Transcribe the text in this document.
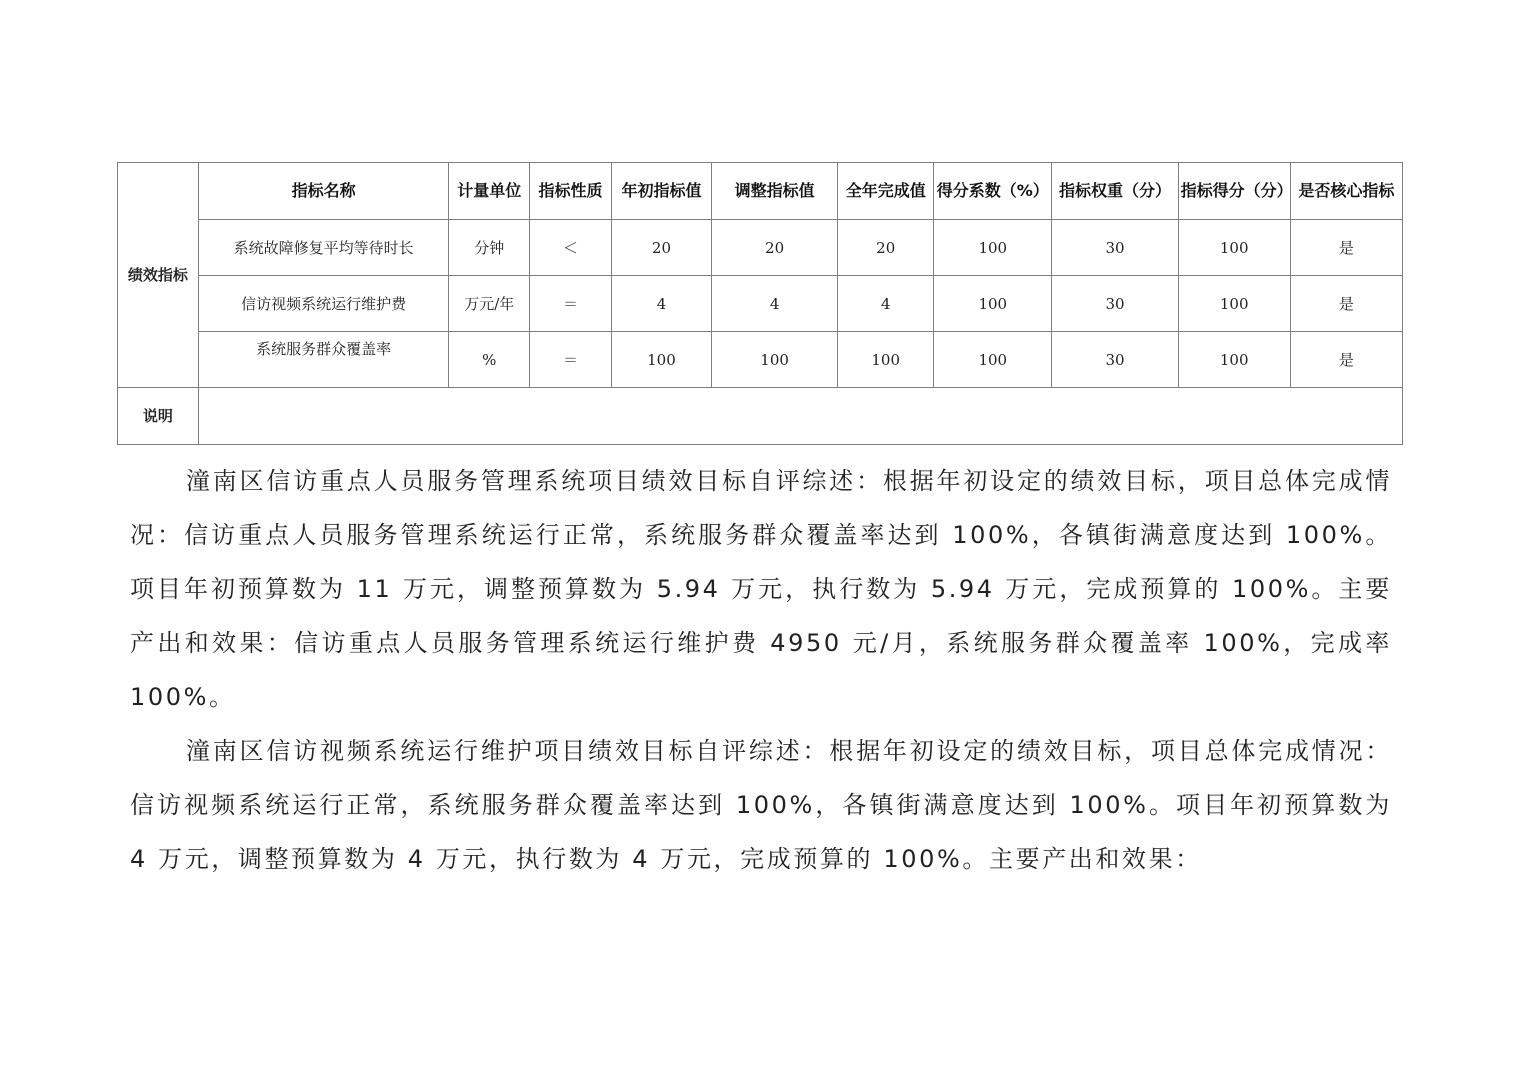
绩效指标	指标名称	计量单位	指标性质	年初指标值	调整指标值	全年完成值	得分系数（%）	指标权重（分）	指标得分（分）	是否核心指标
	系统故障修复平均等待时长	分钟	＜	20	20	20	100	30	100	是
	信访视频系统运行维护费	万元/年	＝	4	4	4	100	30	100	是
	系统服务群众覆盖率	%	＝	100	100	100	100	30	100	是
说明										

潼南区信访重点人员服务管理系统项目绩效目标自评综述：根据年初设定的绩效目标，项目总体完成情况：信访重点人员服务管理系统运行正常，系统服务群众覆盖率达到 100%，各镇街满意度达到 100%。项目年初预算数为 11 万元，调整预算数为 5.94 万元，执行数为 5.94 万元，完成预算的 100%。主要产出和效果：信访重点人员服务管理系统运行维护费 4950 元/月，系统服务群众覆盖率 100%，完成率 100%。

潼南区信访视频系统运行维护项目绩效目标自评综述：根据年初设定的绩效目标，项目总体完成情况：信访视频系统运行正常，系统服务群众覆盖率达到 100%，各镇街满意度达到 100%。项目年初预算数为 4 万元，调整预算数为 4 万元，执行数为 4 万元，完成预算的 100%。主要产出和效果：
